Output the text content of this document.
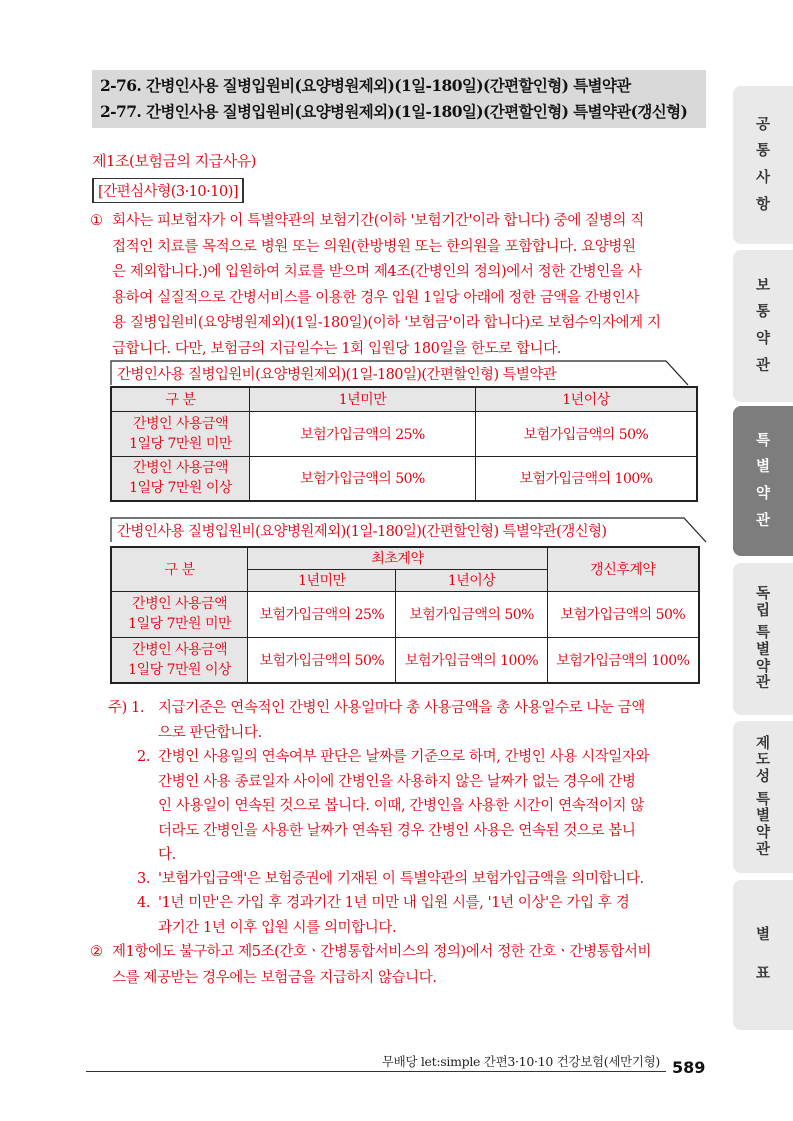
2-76. 간병인사용 질병입원비(요양병원제외)(1일-180일)(간편할인형) 특별약관
2-77. 간병인사용 질병입원비(요양병원제외)(1일-180일)(간편할인형) 특별약관(갱신형)
제1조(보험금의 지급사유)
[간편심사형(3·10·10)]
① 회사는 피보험자가 이 특별약관의 보험기간(이하 '보험기간'이라 합니다) 중에 질병의 직
접적인 치료를 목적으로 병원 또는 의원(한방병원 또는 한의원을 포함합니다. 요양병원
은 제외합니다.)에 입원하여 치료를 받으며 제4조(간병인의 정의)에서 정한 간병인을 사
용하여 실질적으로 간병서비스를 이용한 경우 입원 1일당 아래에 정한 금액을 간병인사
용 질병입원비(요양병원제외)(1일-180일)(이하 '보험금'이라 합니다)로 보험수익자에게 지
급합니다. 다만, 보험금의 지급일수는 1회 입원당 180일을 한도로 합니다.
간병인사용 질병입원비(요양병원제외)(1일-180일)(간편할인형) 특별약관
구 분	1년미만	1년이상

간병인 사용금액
1일당 7만원 미만	보험가입금액의 25%	보험가입금액의 50%

간병인 사용금액
1일당 7만원 이상	보험가입금액의 50%	보험가입금액의 100%
간병인사용 질병입원비(요양병원제외)(1일-180일)(간편할인형) 특별약관(갱신형)
구 분	최초계약		갱신후계약
	1년미만	1년이상	

간병인 사용금액
1일당 7만원 미만	보험가입금액의 25%	보험가입금액의 50%	보험가입금액의 50%

간병인 사용금액
1일당 7만원 이상	보험가입금액의 50%	보험가입금액의 100%	보험가입금액의 100%
주) 1. 지급기준은 연속적인 간병인 사용일마다 총 사용금액을 총 사용일수로 나눈 금액
으로 판단합니다.
2. 간병인 사용일의 연속여부 판단은 날짜를 기준으로 하며, 간병인 사용 시작일자와
간병인 사용 종료일자 사이에 간병인을 사용하지 않은 날짜가 없는 경우에 간병
인 사용일이 연속된 것으로 봅니다. 이때, 간병인을 사용한 시간이 연속적이지 않
더라도 간병인을 사용한 날짜가 연속된 경우 간병인 사용은 연속된 것으로 봅니
다.
3. '보험가입금액'은 보험증권에 기재된 이 특별약관의 보험가입금액을 의미합니다.
4. '1년 미만'은 가입 후 경과기간 1년 미만 내 입원 시를, '1년 이상'은 가입 후 경
과기간 1년 이후 입원 시를 의미합니다.
② 제1항에도 불구하고 제5조(간호ㆍ간병통합서비스의 정의)에서 정한 간호ㆍ간병통합서비
스를 제공받는 경우에는 보험금을 지급하지 않습니다.
무배당 let:simple 간편3·10·10 건강보험(세만기형) 589
공
통
사
항
보
통
약
관
특
별
약
관
독
립
특
별
약
관
제
도
성
특
별
약
관
별
표
